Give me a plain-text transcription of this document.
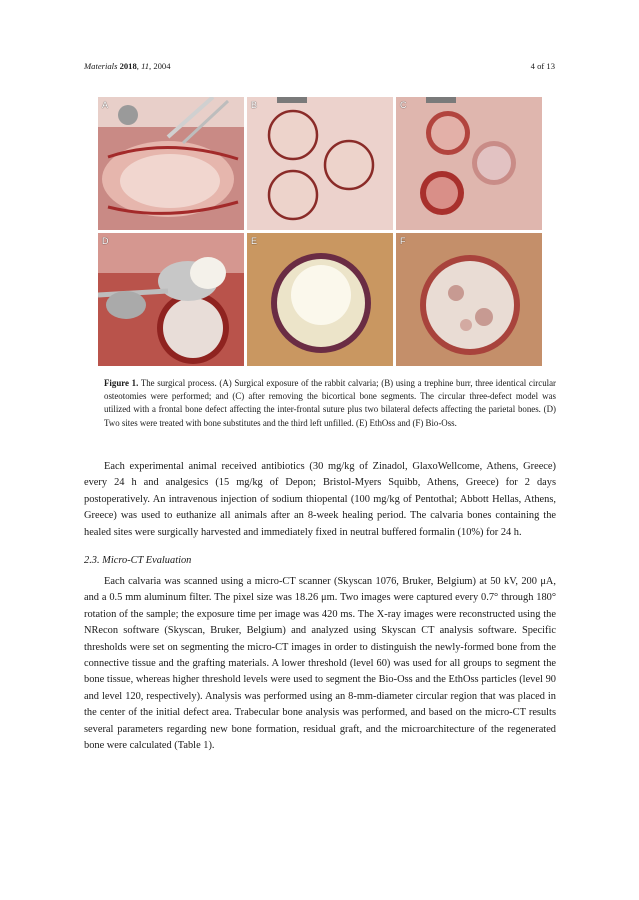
Materials 2018, 11, 2004	4 of 13
A	B	C
D	E	F
Figure 1. The surgical process. (A) Surgical exposure of the rabbit calvaria; (B) using a trephine burr, three identical circular osteotomies were performed; and (C) after removing the bicortical bone segments. The circular three-defect model was utilized with a frontal bone defect affecting the inter-frontal suture plus two bilateral defects affecting the parietal bones. (D) Two sites were treated with bone substitutes and the third left unfilled. (E) EthOss and (F) Bio-Oss.

Each experimental animal received antibiotics (30 mg/kg of Zinadol, GlaxoWellcome, Athens, Greece) every 24 h and analgesics (15 mg/kg of Depon; Bristol-Myers Squibb, Athens, Greece) for 2 days postoperatively. An intravenous injection of sodium thiopental (100 mg/kg of Pentothal; Abbott Hellas, Athens, Greece) was used to euthanize all animals after an 8-week healing period. The calvaria bones containing the healed sites were surgically harvested and immediately fixed in neutral buffered formalin (10%) for 24 h.

2.3. Micro-CT Evaluation

Each calvaria was scanned using a micro-CT scanner (Skyscan 1076, Bruker, Belgium) at 50 kV, 200 μA, and a 0.5 mm aluminum filter. The pixel size was 18.26 μm. Two images were captured every 0.7° through 180° rotation of the sample; the exposure time per image was 420 ms. The X-ray images were reconstructed using the NRecon software (Skyscan, Bruker, Belgium) and analyzed using Skyscan CT analysis software. Specific thresholds were set on segmenting the micro-CT images in order to distinguish the newly-formed bone from the connective tissue and the grafting materials. A lower threshold (level 60) was used for all groups to segment the bone tissue, whereas higher threshold levels were used to segment the Bio-Oss and the EthOss particles (level 90 and level 120, respectively). Analysis was performed using an 8-mm-diameter circular region that was placed in the center of the initial defect area. Trabecular bone analysis was performed, and based on the micro-CT results several parameters regarding new bone formation, residual graft, and the microarchitecture of the regenerated bone were calculated (Table 1).
